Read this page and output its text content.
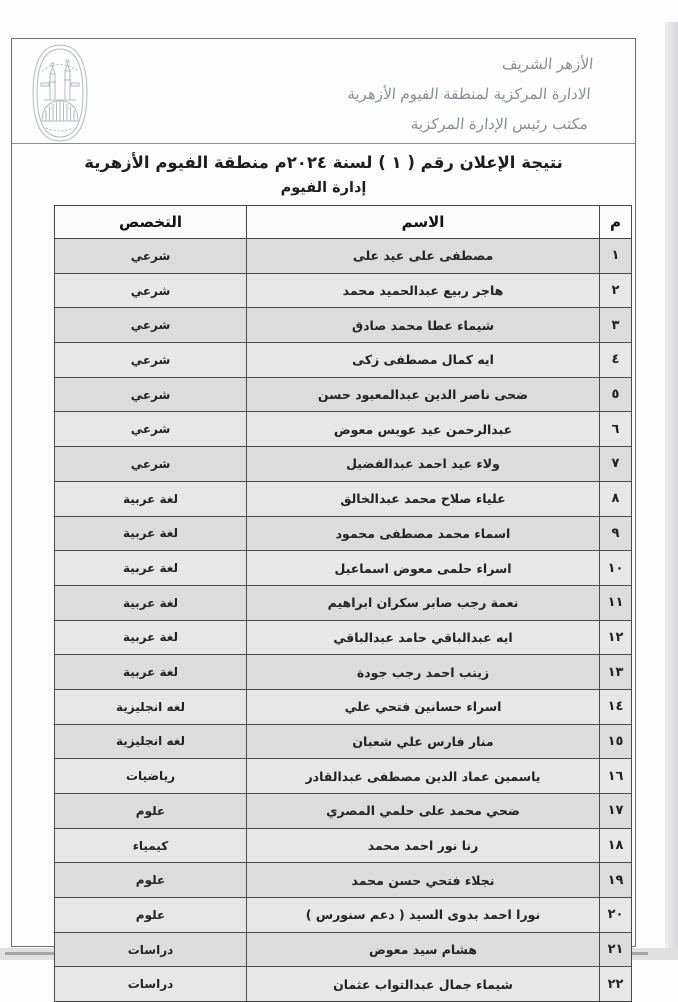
الأزهر الشريف
الادارة المركزية لمنطقة الفيوم الأزهرية
مكتب رئيس الإدارة المركزية
نتيجة الإعلان رقم ( ١ ) لسنة ٢٠٢٤م منطقة الفيوم الأزهرية
إدارة الفيوم
م	الاسم	التخصص
١	مصطفى على عيد على	شرعي
٢	هاجر ربيع عبدالحميد محمد	شرعي
٣	شيماء عطا محمد صادق	شرعي
٤	ايه كمال مصطفى زكى	شرعي
٥	ضحى ناصر الدين عبدالمعبود حسن	شرعي
٦	عبدالرحمن عيد عويس معوض	شرعي
٧	ولاء عيد احمد عبدالفضيل	شرعي
٨	علياء صلاح محمد عبدالخالق	لغة عربية
٩	اسماء محمد مصطفى محمود	لغة عربية
١٠	اسراء حلمى معوض اسماعيل	لغة عربية
١١	نعمة رجب صابر سكران ابراهيم	لغة عربية
١٢	ايه عبدالباقي حامد عبدالباقي	لغة عربية
١٣	زينب احمد رجب جودة	لغة عربية
١٤	اسراء حسانين فتحي علي	لغه انجليزية
١٥	منار فارس علي شعبان	لغه انجليزية
١٦	ياسمين عماد الدين مصطفى عبدالقادر	رياضيات
١٧	ضحي محمد على حلمي المصري	علوم
١٨	رنا نور احمد محمد	كيمياء
١٩	نجلاء فتحي حسن محمد	علوم
٢٠	نورا احمد بدوى السيد ( دعم سنورس )	علوم
٢١	هشام سيد معوض	دراسات
٢٢	شيماء جمال عبدالتواب عثمان	دراسات
